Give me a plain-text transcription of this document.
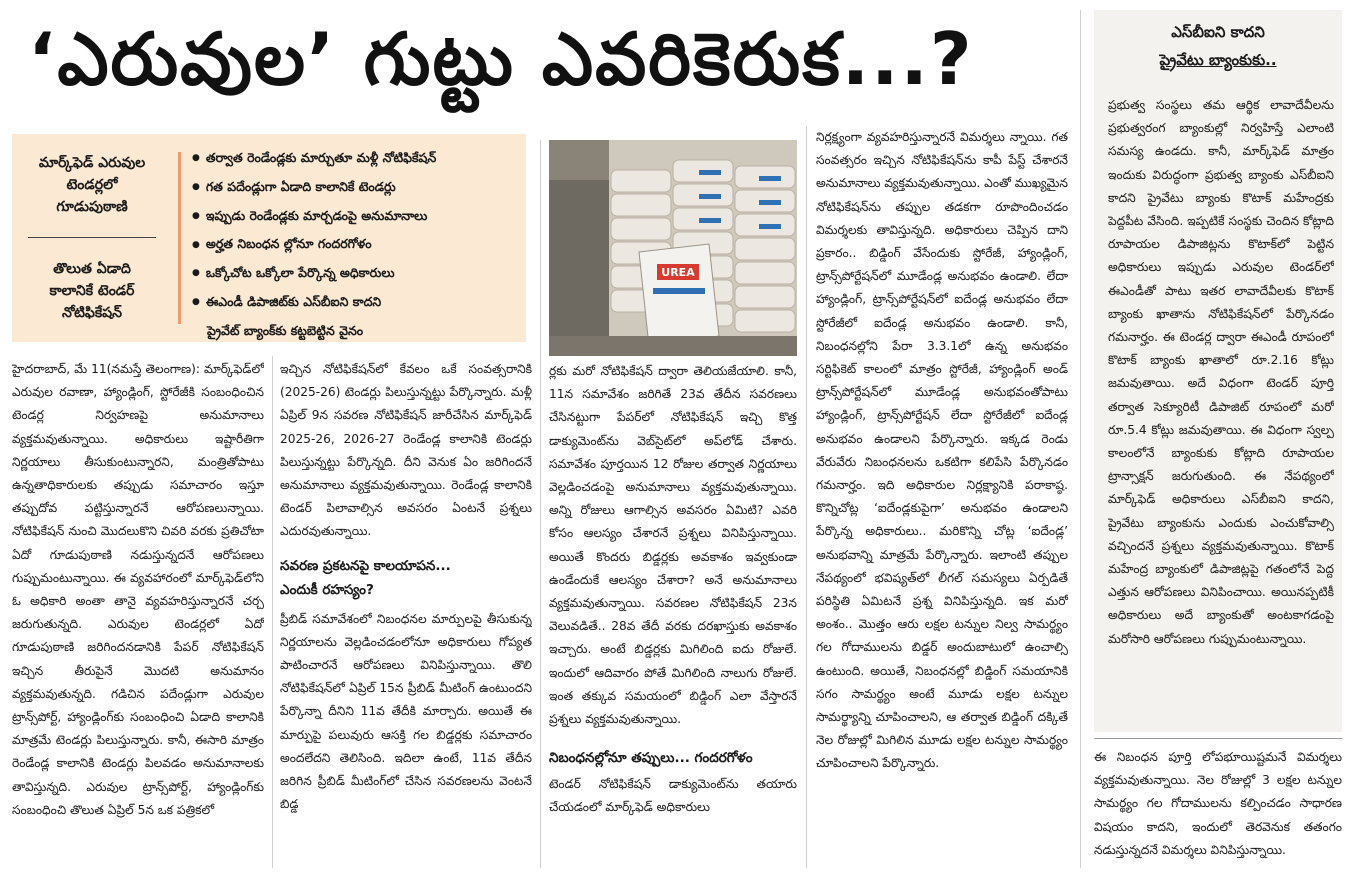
‘ఎరువుల’ గుట్టు ఎవరికెరుక...?
మార్క్‌ఫెడ్ ఎరువుల
టెండర్లలో
గూడుపుఠాణి
తొలుత ఏడాది
కాలానికే టెండర్
నోటిఫికేషన్
● తర్వాత రెండేండ్లకు మార్చుతూ మళ్లీ నోటిఫికేషన్
● గత పదేండ్లుగా ఏడాది కాలానికే టెండర్లు
● ఇప్పుడు రెండేండ్లకు మార్చడంపై అనుమానాలు
● అర్హత నిబంధన ల్లోనూ గందరగోళం
● ఒక్కోచోట ఒక్కోలా పేర్కొన్న అధికారులు
● ఈఎండీ డిపాజిట్‌కు ఎస్‌బీఐని కాదని
ప్రైవేట్ బ్యాంక్‌కు కట్టబెట్టిన వైనం
UREA

హైదరాబాద్, మే 11(నమస్తే తెలంగాణ): మార్క్‌ఫెడ్‌లో ఎరువుల రవాణా, హ్యాండ్లింగ్, స్టోరేజీకి సంబంధించిన టెండర్ల నిర్వహణపై అనుమానాలు వ్యక్తమవుతున్నాయి. అధికారులు ఇష్టారీతిగా నిర్ణయాలు తీసుకుంటున్నారని, మంత్రితోపాటు ఉన్నతాధికారులకు తప్పుడు సమాచారం ఇస్తూ తప్పుదోవ పట్టిస్తున్నారనే ఆరోపణలున్నాయి. నోటిఫికేషన్ నుంచి మొదలుకొని చివరి వరకు ప్రతిచోటా ఏదో గూడుపుఠాణి నడుస్తున్నదనే ఆరోపణలు గుప్పుమంటున్నాయి. ఈ వ్యవహారంలో మార్క్‌ఫెడ్‌లోని ఓ అధికారి అంతా తానై వ్యవహరిస్తున్నారనే చర్చ జరుగుతున్నది. ఎరువుల టెండర్లలో ఏదో గూడుపుఠాణి జరిగిందనడానికి పేపర్ నోటిఫికేషన్ ఇచ్చిన తీరుపైనే మొదటి అనుమానం వ్యక్తమవుతున్నది. గడిచిన పదేండ్లుగా ఎరువుల ట్రాన్స్‌పోర్ట్, హ్యాండ్లింగ్‌కు సంబంధించి ఏడాది కాలానికి మాత్రమే టెండర్లు పిలుస్తున్నారు. కానీ, ఈసారి మాత్రం రెండేండ్ల కాలానికి టెండర్లు పిలవడం అనుమానాలకు తావిస్తున్నది. ఎరువుల ట్రాన్స్‌పోర్ట్, హ్యాండ్లింగ్‌కు సంబంధించి తొలుత ఏప్రిల్ 5న ఒక పత్రికలో

ఇచ్చిన నోటిఫికేషన్‌లో కేవలం ఒకే సంవత్సరానికి (2025-26) టెండర్లు పిలుస్తున్నట్టు పేర్కొన్నారు. మళ్లీ ఏప్రిల్ 9న సవరణ నోటిఫికేషన్ జారీచేసిన మార్క్‌ఫెడ్ 2025-26, 2026-27 రెండేండ్ల కాలానికి టెండర్లు పిలుస్తున్నట్టు పేర్కొన్నది. దీని వెనుక ఏం జరిగిందనే అనుమానాలు వ్యక్తమవుతున్నాయి. రెండేండ్ల కాలానికి టెండర్ పిలావాల్సిన అవసరం ఏంటనే ప్రశ్నలు ఎదురవుతున్నాయి.

సవరణ ప్రకటనపై కాలయాపన...
ఎందుకీ రహస్యం?

ప్రీబిడ్ సమావేశంలో నిబంధనల మార్పులపై తీసుకున్న నిర్ణయాలను వెల్లడించడంలోనూ అధికారులు గోప్యత పాటించారనే ఆరోపణలు వినిపిస్తున్నాయి. తొలి నోటిఫికేషన్‌లో ఏప్రిల్ 15న ప్రీబిడ్ మీటింగ్ ఉంటుందని పేర్కొన్నా దీనిని 11వ తేదీకి మార్చారు. అయితే ఈ మార్పుపై పలువురు ఆసక్తి గల బిడ్డర్లకు సమాచారం అందలేదని తెలిసింది. ఇదిలా ఉంటే, 11వ తేదీన జరిగిన ప్రీబిడ్ మీటింగ్‌లో చేసిన సవరణలను వెంటనే బిడ్డ

ర్లకు మరో నోటిఫికేషన్ ద్వారా తెలియజేయాలి. కానీ, 11న సమావేశం జరిగితే 23వ తేదీన సవరణలు చేసినట్టుగా పేపర్‌లో నోటిఫికేషన్ ఇచ్చి కొత్త డాక్యుమెంట్‌ను వెబ్‌సైట్‌లో అప్‌లోడ్ చేశారు. సమావేశం పూర్తయిన 12 రోజుల తర్వాత నిర్ణయాలు వెల్లడించడంపై అనుమానాలు వ్యక్తమవుతున్నాయి. అన్ని రోజులు ఆగాల్సిన అవసరం ఏమిటి? ఎవరి కోసం ఆలస్యం చేశారనే ప్రశ్నలు వినిపిస్తున్నాయి. అయితే కొందరు బిడ్డర్లకు అవకాశం ఇవ్వకుండా ఉండేందుకే ఆలస్యం చేశారా? అనే అనుమానాలు వ్యక్తమవుతున్నాయి. సవరణల నోటిఫికేషన్ 23న వెలువడితే.. 28వ తేదీ వరకు దరఖాస్తుకు అవకాశం ఇచ్చారు. అంటే బిడ్డర్లకు మిగిలింది ఐదు రోజులే. ఇందులో ఆదివారం పోతే మిగిలింది నాలుగు రోజులే. ఇంత తక్కువ సమయంలో బిడ్డింగ్ ఎలా వేస్తారనే ప్రశ్నలు వ్యక్తమవుతున్నాయి.

నిబంధనల్లోనూ తప్పులు... గందరగోళం

టెండర్ నోటిఫికేషన్ డాక్యుమెంట్‌ను తయారు చేయడంలో మార్క్‌ఫెడ్ అధికారులు

నిర్లక్ష్యంగా వ్యవహరిస్తున్నారనే విమర్శలు న్నాయి. గత సంవత్సరం ఇచ్చిన నోటిఫికేషన్‌ను కాపీ పేస్ట్ చేశారనే అనుమానాలు వ్యక్తమవుతున్నాయి. ఎంతో ముఖ్యమైన నోటిఫికేషన్‌ను తప్పుల తడకగా రూపొందించడం విమర్శలకు తావిస్తున్నది. అధికారులు చెప్పిన దాని ప్రకారం.. బిడ్డింగ్ వేసేందుకు స్టోరేజీ, హ్యాండ్లింగ్, ట్రాన్స్‌పోర్టేషన్‌లో మూడేండ్ల అనుభవం ఉండాలి. లేదా హ్యాండ్లింగ్, ట్రాన్స్‌పోర్టేషన్‌లో ఐదేండ్ల అనుభవం లేదా స్టోరేజీలో ఐదేండ్ల అనుభవం ఉండాలి. కానీ, నిబంధనల్లోని పేరా 3.3.1లో ఉన్న అనుభవం సర్టిఫికెట్ కాలంలో మాత్రం స్టోరేజీ, హ్యాండ్లింగ్ అండ్ ట్రాన్స్‌పోర్టేషన్‌లో మూడేండ్ల అనుభవంతోపాటు హ్యాండ్లింగ్, ట్రాన్స్‌పోర్టేషన్ లేదా స్టోరేజీలో ఐదేండ్ల అనుభవం ఉండాలని పేర్కొన్నారు. ఇక్కడ రెండు వేరువేరు నిబంధనలను ఒకటిగా కలిపేసి పేర్కొనడం గమనార్హం. ఇది అధికారుల నిర్లక్ష్యానికి పరాకాష్ఠ. కొన్నిచోట్ల ‘ఐదేండ్లకుపైగా’ అనుభవం ఉండాలని పేర్కొన్న అధికారులు.. మరికొన్ని చోట్ల ‘ఐదేండ్ల’ అనుభవాన్ని మాత్రమే పేర్కొన్నారు. ఇలాంటి తప్పుల నేపథ్యంలో భవిష్యత్‌లో లీగల్ సమస్యలు ఏర్పడితే పరిస్థితి ఏమిటనే ప్రశ్న వినిపిస్తున్నది. ఇక మరో అంశం.. మొత్తం ఆరు లక్షల టన్నుల నిల్వ సామర్థ్యం గల గోదాములను బిడ్డర్ అందుబాటులో ఉంచాల్సి ఉంటుంది. అయితే, నిబంధనల్లో బిడ్డింగ్ సమయానికి సగం సామర్థ్యం అంటే మూడు లక్షల టన్నుల సామర్థ్యాన్ని చూపించాలని, ఆ తర్వాత బిడ్డింగ్ దక్కితే నెల రోజుల్లో మిగిలిన మూడు లక్షల టన్నుల సామర్థ్యం చూపించాలని పేర్కొన్నారు.

ఎస్‌బీఐని కాదని
ప్రైవేటు బ్యాంకుకు..
ప్రభుత్వ సంస్థలు తమ ఆర్థిక లావాదేవీలను ప్రభుత్వరంగ బ్యాంకుల్లో నిర్వహిస్తే ఎలాంటి సమస్య ఉండదు. కానీ, మార్క్‌ఫెడ్ మాత్రం ఇందుకు విరుద్ధంగా ప్రభుత్వ బ్యాంకు ఎస్‌బీఐని కాదని ప్రైవేటు బ్యాంకు కొటాక్ మహేంద్రకు పెద్దపీట వేసింది. ఇప్పటికే సంస్థకు చెందిన కోట్లాది రూపాయల డిపాజిట్లను కొటాక్‌లో పెట్టిన అధికారులు ఇప్పుడు ఎరువుల టెండర్‌లో ఈఎండీతో పాటు ఇతర లావాదేవీలకు కొటాక్ బ్యాంకు ఖాతాను నోటిఫికేషన్‌లో పేర్కొనడం గమనార్హం. ఈ టెండర్ల ద్వారా ఈఎండీ రూపంలో కొటాక్ బ్యాంకు ఖాతాలో రూ.2.16 కోట్లు జమవుతాయి. అదే విధంగా టెండర్ పూర్తి తర్వాత సెక్యూరిటీ డిపాజిట్ రూపంలో మరో రూ.5.4 కోట్లు జమవుతాయి. ఈ విధంగా స్వల్ప కాలంలోనే బ్యాంకుకు కోట్లాది రూపాయల ట్రాన్సాక్షన్ జరుగుతుంది. ఈ నేపథ్యంలో మార్క్‌ఫెడ్ అధికారులు ఎస్‌బీఐని కాదని, ప్రైవేటు బ్యాంకును ఎందుకు ఎంచుకోవాల్సి వచ్చిందనే ప్రశ్నలు వ్యక్తమవుతున్నాయి. కొటాక్ మహేంద్ర బ్యాంకులో డిపాజిట్లపై గతంలోనే పెద్ద ఎత్తున ఆరోపణలు వినిపించాయి. అయినప్పటికీ అధికారులు అదే బ్యాంకుతో అంటకాగడంపై మరోసారి ఆరోపణలు గుప్పుమంటున్నాయి.

ఈ నిబంధన పూర్తి లోపభూయిష్టమనే విమర్శలు వ్యక్తమవుతున్నాయి. నెల రోజుల్లో 3 లక్షల టన్నుల సామర్థ్యం గల గోదాములను కల్పించడం సాధారణ విషయం కాదని, ఇందులో తెరవెనుక తతంగం నడుస్తున్నదనే విమర్శలు వినిపిస్తున్నాయి.
